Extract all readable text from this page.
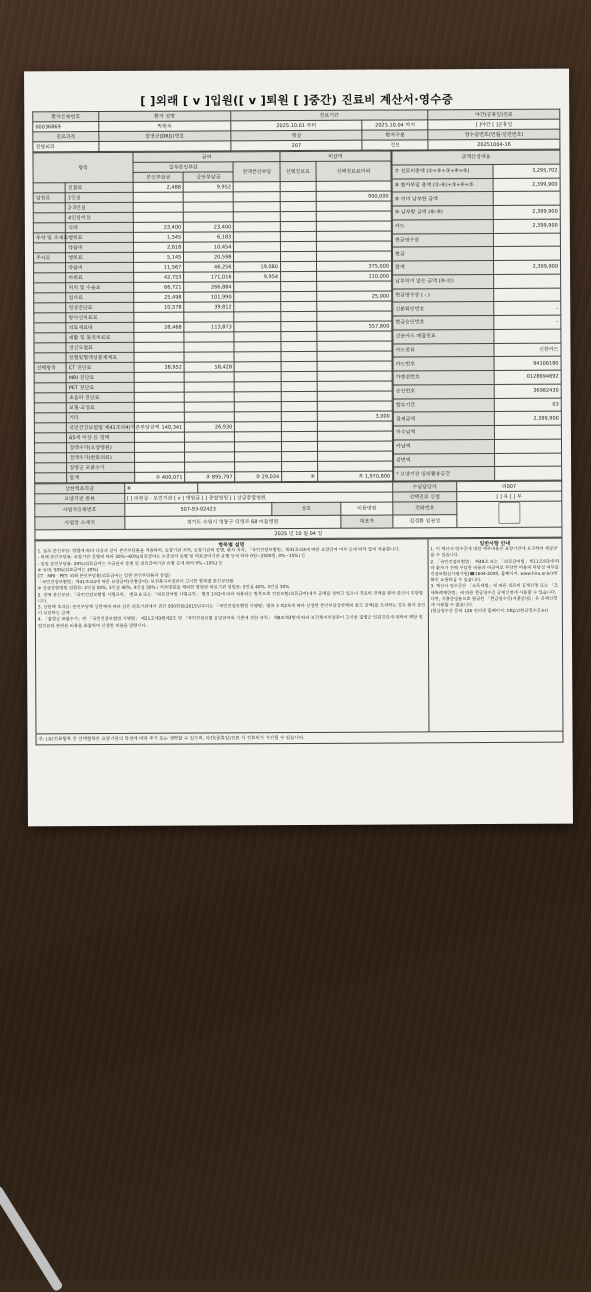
[ ]외래 [ v ]입원([ v ]퇴원 [ ]중간) 진료비 계산서·영수증
환자등록번호	환자 성명	진료기간		야간(공휴일)진료
00036869	박현옥	2025.10.01 부터	2025.10.04 까지	[ ]야간 [ ]공휴일
진료과목	질병군(DRG)번호	병실	환자구분	영수증번호(연월-일련번호)
정형외과		207	건보	20251004-16
항목		급여			비급여	
		일부본인부담		전액본인부담	선택진료료	선택진료료이외
		본인부담금	공단부담금			
	진찰료	2,488	9,952			
입원료	1인실					900,000
	2·3인실					
	4인실이상					
	식대	23,400	23,400			
투약 및 조제료	행위료	1,545	6,183			
	약품비	2,618	10,454			
주사료	행위료	5,145	20,598			
	약품비	11,567	46,256	19,080		375,000
	마취료	42,753	171,016	9,954		110,000
	처치 및 수술료	66,721	266,884			
	검사료	25,498	101,990			25,000
	영상진단료	10,578	39,812			
	방사선치료료					
	치료재료대	28,468	113,873			557,800
	재활 및 물리치료료					
	정신요법료					
	전혈및혈액성분제제료					
선택항목	CT 진단료	38,952	58,428			
	MRI 진단료					
	PET 진단료					
	초음파 진단료					
	보철·교정료					
	기타					3,000
	국민건강보험법 제41조의4(자존부담금액	140,341	26,930			
	65세 이상 등 정액					
	정액수가(요양병원)					
	정액수가(완화의료)					
	질병군 포괄수가					
	합계	① 400,071	② 895,797	③ 29,034	④	⑤ 1,970,800
금액산정내용	
⑦ 진료비총액 (①+②+③+④+⑤)	3,295,702
⑧ 환자부담 총액 (①-⑥)+③+④+⑤	2,399,900
⑨ 이미 납부한 금액	
⑩ 납부할 금액 (⑧-⑨)	2,399,900
카드	2,399,900
현금영수증	
현금	
합계	2,399,900
납부하지 않은 금액 (⑩-⑪)	
현금영수증 ( - )	
신분확인번호	-
현금승인번호	-
신용카드 매출전표	
카드종류	신한카드
카드번호	94106180
가맹점번호	0128694692
승인번호	36982430
할부기간	03
결제금액	2,399,900
이수납액	
카납액	
감면액	
* 요양기관 임의활용공간	
상한액초과금	⑥				수납담당자	의007
요양기관 종류	[ ] 의원급 · 보건기관 [ v ] 병원급 [ ] 종합병원 [ ] 상급종합병원				선택진료 신청	[ ] 유 [ ] 무
사업자등록번호	507-93-02423		상호	미듬병원	전화번호	
사업장 소재지	경기도 수원시 영통구 덕영로 68 미듬병원			대표자	김경환 임권성	
2025 년 10 월 04 일						
항목별 설명
1. 일부 본인부담: 법령에 따라 다음과 같이 본인부담률을 적용하며, 요양기관 지역, 요양기관의 종별, 환자 자격, 「국민건강보험법」제41조의4에 따른 요양급여 여부 등에 따라 달리 적용합니다.
- 외래 본인부담률: 요양기관 종별에 따라 30%~60%(의료급여는 수급권자 종별 및 의료급여기관 유형 등에 따라 0원~2500원, 0%~15%) 등
- 입원 본인부담률: 20%(의료급여는 수급권자 종별 및 의료급여기관 유형 등에 따라 0%~10%) 등
※ 식대: 50%(의료급여는 20%)
CT · MRI · PET: 외래 본인부담률(의료급여는 입원 본인부담률과 동일)
「국민건강보험법」제41조의4에 따른 요양급여(선별급여): 보건복지부장관이 고시한 항목별 본인부담률
※ 상급종합병원 입원료: 2인실 50%, 3인실 40%, 4인실 30% / 치과병원을 제외한 병원급 의료기관 입원료: 2인실 40%, 3인실 30%
2. 전액 본인부담: 「국민건강보험법 시행규칙」 별표 6 또는 「의료급여법 시행규칙」 별표 1의2에 따라 적용되는 항목으로 건강보험(의료급여)에서 금액을 정하고 있으나 진료비 전액을 환자 본인이 부담합니다.
3. 상한액 초과금: 본인부담액 상한제에 따라 같은 의료기관에서 연간 500만원(2015년부터는 「국민건강보험법 시행령」별표 3 제2호에 따라 산정한 본인부담상한액의 최고 금액)을 초과하는 경우 환자 본인이 부담하는 금액
4. 「질병군 포괄수가」란 「국민건강보험법 시행령」 제21조제3항제2호 및 「국민건강보험 요양급여의 기준에 관한 규칙」 제8조제3항에 따라 보건복지부장관이 고시한 질병군 입원진료에 대하여 해당 입원진료와 관련된 비용을 포괄하여 산정한 비용을 말합니다.
일반사항 안내
1. 이 계산서·영수증에 대한 세부내용은 요양기관에 요구하여 제공받을 수 있습니다.
2. 「국민건강보험법」 제48조 또는 「의료급여법」제11조의3에 따라 환자가 전액 부담한 비용과 비급여로 부담한 비용의 타당성 여부를 건강보험심사평가원(☎1644-2000, 홈페이지: www.hira.or.kr)에 확인 요청하실 수 있습니다.
3. 계산서·영수증은 「소득세법」에 따른 의료비 공제신청 또는 「조세특례제한법」에 따른 현금영수증 공제신청에 사용할 수 있습니다. 다만, 지출증빙용으로 발급된 「현금영수증(지출증빙)」은 공제신청에 사용할 수 없습니다.
(현금영수증 문의 126 인터넷 홈페이지: http://현금영수증.kr)
주: (요)진료항목 중 선택항목은 요양기관의 특성에 따라 추가 또는 생략할 수 있으며, 야간(공휴일)진료 시 진료비가 가산될 수 있습니다.
